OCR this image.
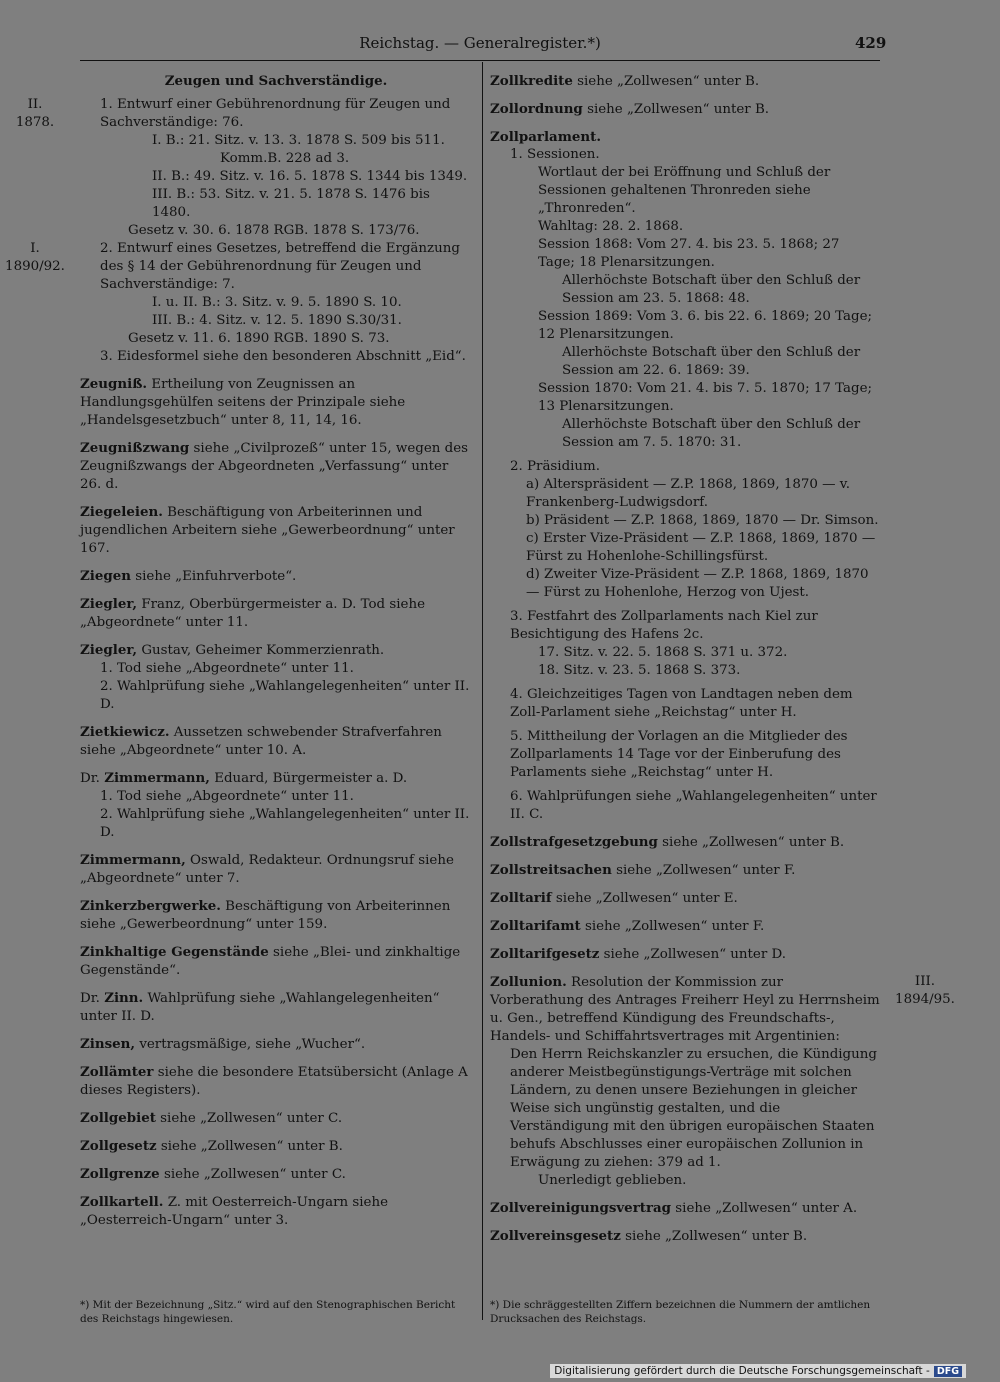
Reichstag. — Generalregister.*)	429
Zeugen und Sachverständige.
II.
1878.
1. Entwurf einer Gebührenordnung für Zeugen und Sachverständige: 76.
I. B.: 21. Sitz. v. 13. 3. 1878 S. 509 bis 511.
Komm.B. 228 ad 3.
II. B.: 49. Sitz. v. 16. 5. 1878 S. 1344 bis 1349.
III. B.: 53. Sitz. v. 21. 5. 1878 S. 1476 bis 1480.
Gesetz v. 30. 6. 1878 RGB. 1878 S. 173/76.
I.
1890/92.
2. Entwurf eines Gesetzes, betreffend die Ergänzung des § 14 der Gebührenordnung für Zeugen und Sachverständige: 7.
I. u. II. B.: 3. Sitz. v. 9. 5. 1890 S. 10.
III. B.: 4. Sitz. v. 12. 5. 1890 S.30/31.
Gesetz v. 11. 6. 1890 RGB. 1890 S. 73.
3. Eidesformel siehe den besonderen Abschnitt „Eid“.
Zeugniß. Ertheilung von Zeugnissen an Handlungsgehülfen seitens der Prinzipale siehe „Handelsgesetzbuch“ unter 8, 11, 14, 16.
Zeugnißzwang siehe „Civilprozeß“ unter 15, wegen des Zeugnißzwangs der Abgeordneten „Verfassung“ unter 26. d.
Ziegeleien. Beschäftigung von Arbeiterinnen und jugendlichen Arbeitern siehe „Gewerbeordnung“ unter 167.
Ziegen siehe „Einfuhrverbote“.
Ziegler, Franz, Oberbürgermeister a. D. Tod siehe „Abgeordnete“ unter 11.
Ziegler, Gustav, Geheimer Kommerzienrath.
1. Tod siehe „Abgeordnete“ unter 11.
2. Wahlprüfung siehe „Wahlangelegenheiten“ unter II. D.
Zietkiewicz. Aussetzen schwebender Strafverfahren siehe „Abgeordnete“ unter 10. A.
Dr. Zimmermann, Eduard, Bürgermeister a. D.
1. Tod siehe „Abgeordnete“ unter 11.
2. Wahlprüfung siehe „Wahlangelegenheiten“ unter II. D.
Zimmermann, Oswald, Redakteur. Ordnungsruf siehe „Abgeordnete“ unter 7.
Zinkerzbergwerke. Beschäftigung von Arbeiterinnen siehe „Gewerbeordnung“ unter 159.
Zinkhaltige Gegenstände siehe „Blei- und zinkhaltige Gegenstände“.
Dr. Zinn. Wahlprüfung siehe „Wahlangelegenheiten“ unter II. D.
Zinsen, vertragsmäßige, siehe „Wucher“.
Zollämter siehe die besondere Etatsübersicht (Anlage A dieses Registers).
Zollgebiet siehe „Zollwesen“ unter C.
Zollgesetz siehe „Zollwesen“ unter B.
Zollgrenze siehe „Zollwesen“ unter C.
Zollkartell. Z. mit Oesterreich-Ungarn siehe „Oesterreich-Ungarn“ unter 3.
Zollkredite siehe „Zollwesen“ unter B.
Zollordnung siehe „Zollwesen“ unter B.
Zollparlament.
1. Sessionen.
Wortlaut der bei Eröffnung und Schluß der Sessionen gehaltenen Thronreden siehe „Thronreden“.
Wahltag: 28. 2. 1868.
Session 1868: Vom 27. 4. bis 23. 5. 1868; 27 Tage; 18 Plenarsitzungen.
Allerhöchste Botschaft über den Schluß der Session am 23. 5. 1868: 48.
Session 1869: Vom 3. 6. bis 22. 6. 1869; 20 Tage; 12 Plenarsitzungen.
Allerhöchste Botschaft über den Schluß der Session am 22. 6. 1869: 39.
Session 1870: Vom 21. 4. bis 7. 5. 1870; 17 Tage; 13 Plenarsitzungen.
Allerhöchste Botschaft über den Schluß der Session am 7. 5. 1870: 31.
2. Präsidium.
a) Alterspräsident — Z.P. 1868, 1869, 1870 — v. Frankenberg-Ludwigsdorf.
b) Präsident — Z.P. 1868, 1869, 1870 — Dr. Simson.
c) Erster Vize-Präsident — Z.P. 1868, 1869, 1870 — Fürst zu Hohenlohe-Schillingsfürst.
d) Zweiter Vize-Präsident — Z.P. 1868, 1869, 1870 — Fürst zu Hohenlohe, Herzog von Ujest.
3. Festfahrt des Zollparlaments nach Kiel zur Besichtigung des Hafens 2c.
17. Sitz. v. 22. 5. 1868 S. 371 u. 372.
18. Sitz. v. 23. 5. 1868 S. 373.
4. Gleichzeitiges Tagen von Landtagen neben dem Zoll-Parlament siehe „Reichstag“ unter H.
5. Mittheilung der Vorlagen an die Mitglieder des Zollparlaments 14 Tage vor der Einberufung des Parlaments siehe „Reichstag“ unter H.
6. Wahlprüfungen siehe „Wahlangelegenheiten“ unter II. C.
Zollstrafgesetzgebung siehe „Zollwesen“ unter B.
Zollstreitsachen siehe „Zollwesen“ unter F.
Zolltarif siehe „Zollwesen“ unter E.
Zolltarifamt siehe „Zollwesen“ unter F.
Zolltarifgesetz siehe „Zollwesen“ unter D.
III.
1894/95.
Zollunion. Resolution der Kommission zur Vorberathung des Antrages Freiherr Heyl zu Herrnsheim u. Gen., betreffend Kündigung des Freundschafts-, Handels- und Schiffahrtsvertrages mit Argentinien:
Den Herrn Reichskanzler zu ersuchen, die Kündigung anderer Meistbegünstigungs-Verträge mit solchen Ländern, zu denen unsere Beziehungen in gleicher Weise sich ungünstig gestalten, und die Verständigung mit den übrigen europäischen Staaten behufs Abschlusses einer europäischen Zollunion in Erwägung zu ziehen: 379 ad 1.
Unerledigt geblieben.
Zollvereinigungsvertrag siehe „Zollwesen“ unter A.
Zollvereinsgesetz siehe „Zollwesen“ unter B.
*) Mit der Bezeichnung „Sitz.“ wird auf den Stenographischen Bericht des Reichstags hingewiesen.
*) Die schräggestellten Ziffern bezeichnen die Nummern der amtlichen Drucksachen des Reichstags.
Digitalisierung gefördert durch die Deutsche Forschungsgemeinschaft - DFG
